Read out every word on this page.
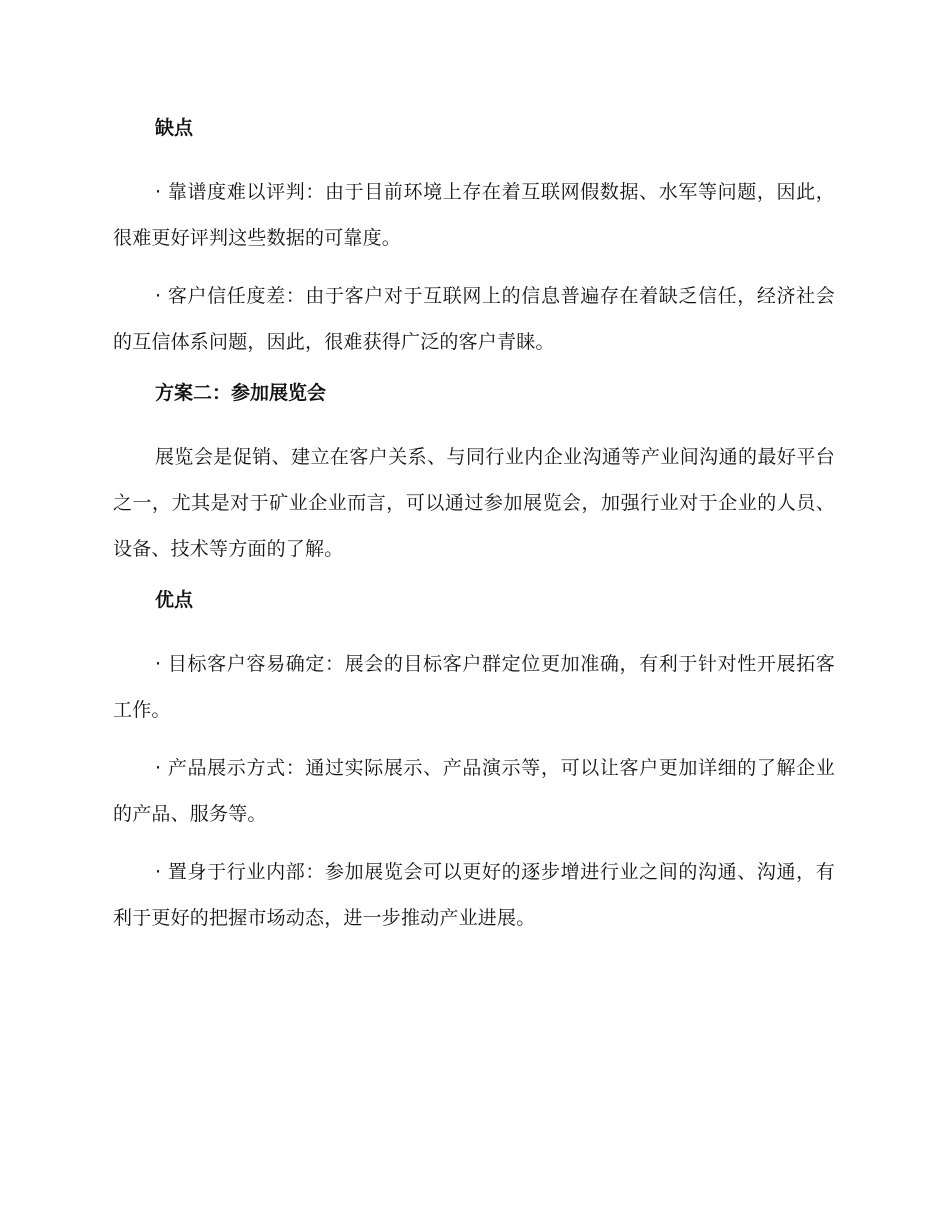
缺点

· 靠谱度难以评判：由于目前环境上存在着互联网假数据、水军等问题，因此，很难更好评判这些数据的可靠度。

· 客户信任度差：由于客户对于互联网上的信息普遍存在着缺乏信任，经济社会的互信体系问题，因此，很难获得广泛的客户青睐。

方案二：参加展览会

展览会是促销、建立在客户关系、与同行业内企业沟通等产业间沟通的最好平台之一，尤其是对于矿业企业而言，可以通过参加展览会，加强行业对于企业的人员、设备、技术等方面的了解。

优点

· 目标客户容易确定：展会的目标客户群定位更加准确，有利于针对性开展拓客工作。

· 产品展示方式：通过实际展示、产品演示等，可以让客户更加详细的了解企业的产品、服务等。

· 置身于行业内部：参加展览会可以更好的逐步增进行业之间的沟通、沟通，有利于更好的把握市场动态，进一步推动产业进展。
